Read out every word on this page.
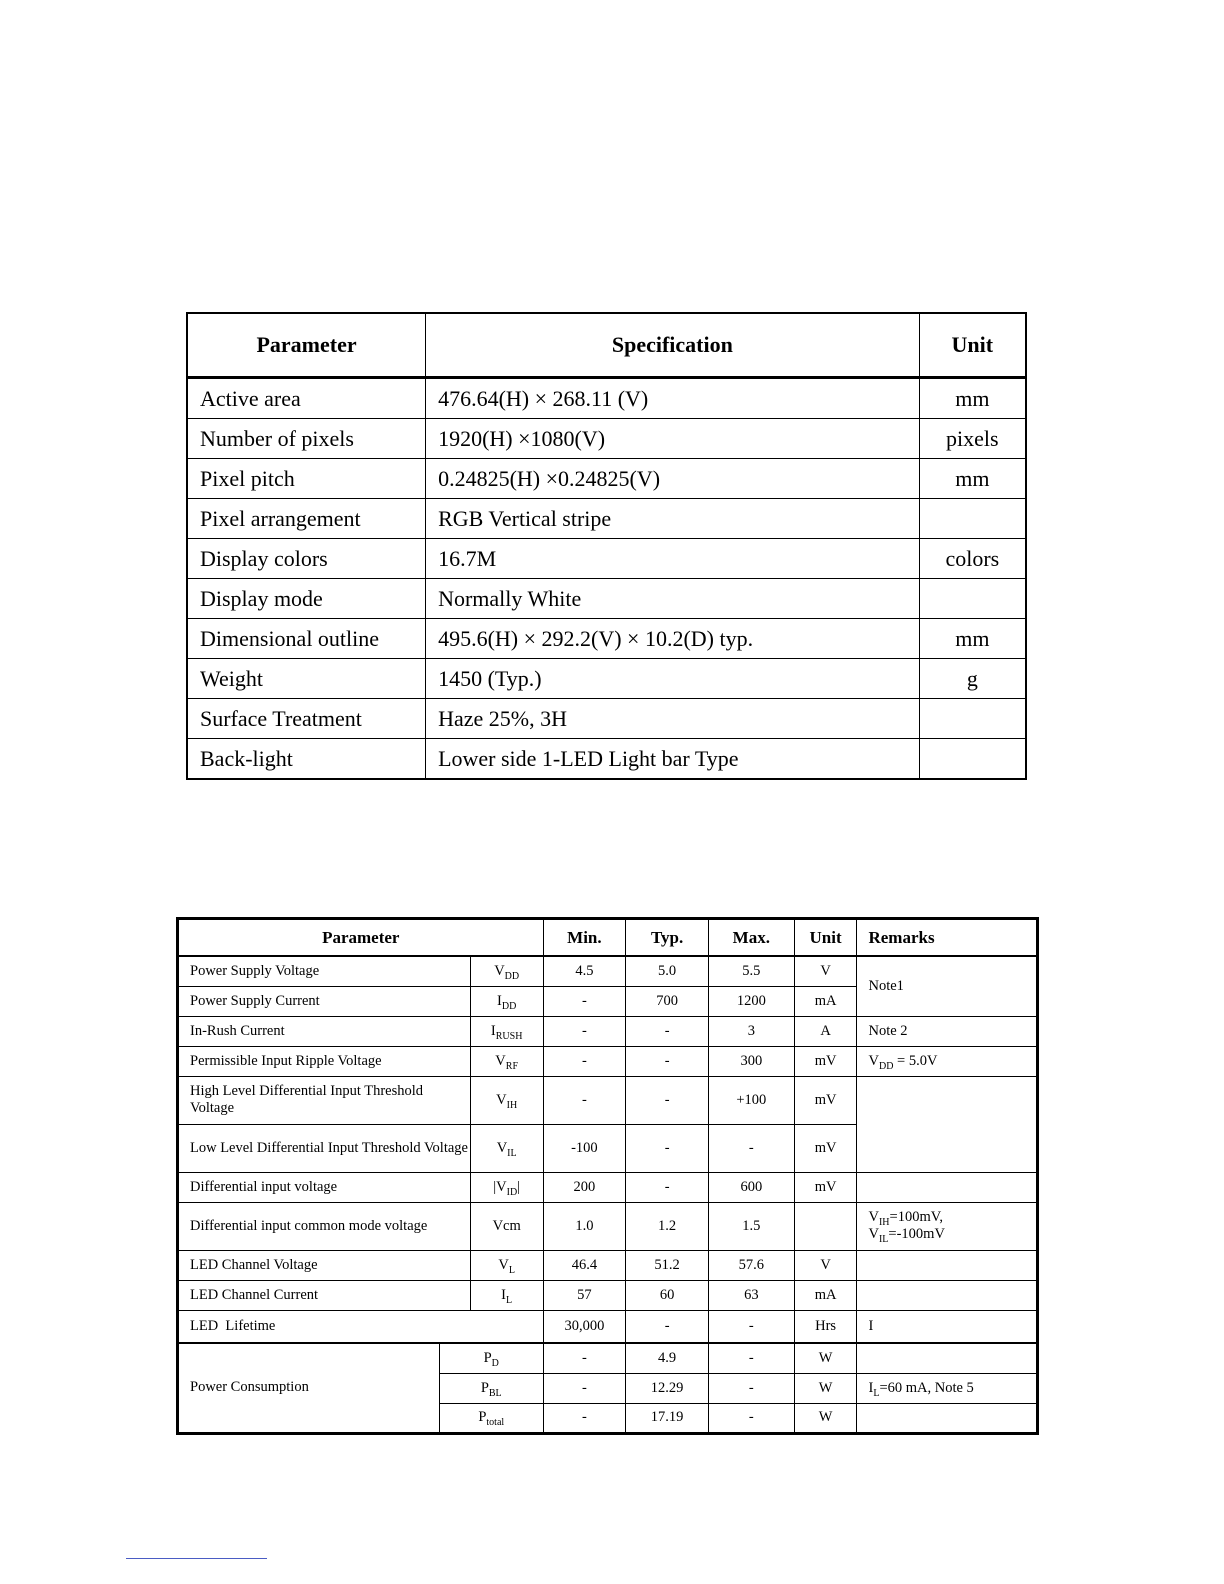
Parameter	Specification	Unit
Active area	476.64(H) × 268.11 (V)	mm
Number of pixels	1920(H) ×1080(V)	pixels
Pixel pitch	0.24825(H) ×0.24825(V)	mm
Pixel arrangement	RGB Vertical stripe	
Display colors	16.7M	colors
Display mode	Normally White	
Dimensional outline	495.6(H) × 292.2(V) × 10.2(D) typ.	mm
Weight	1450 (Typ.)	g
Surface Treatment	Haze 25%, 3H	
Back-light	Lower side 1-LED Light bar Type	
Parameter			Min.	Typ.	Max.	Unit	Remarks
Power Supply Voltage		$V_{DD}$	4.5	5.0	5.5	V	Note1
Power Supply Current		$I_{DD}$	-	700	1200	mA	
In-Rush Current		$I_{RUSH}$	-	-	3	A	Note 2
Permissible Input Ripple Voltage		$V_{RF}$	-	-	300	mV	$V_{DD} = 5.0V$
High Level Differential Input Threshold Voltage		$V_{IH}$	-	-	+100	mV	
Low Level Differential Input Threshold Voltage		$V_{IL}$	-100	-	-	mV	
Differential input voltage		$|V_{ID}|$	200	-	600	mV	
Differential input common mode voltage		Vcm	1.0	1.2	1.5		$V_{IH}=100mV$,
$V_{IL}=-100mV$

LED Channel Voltage		$V_L$	46.4	51.2	57.6	V	
LED Channel Current		$I_L$	57	60	63	mA	
LED  Lifetime			30,000	-	-	Hrs	I
Power Consumption	$P_D$		-	4.9	-	W	
	$P_{BL}$		-	12.29	-	W	$I_L=60$ mA, Note 5
	$P_{total}$		-	17.19	-	W	
